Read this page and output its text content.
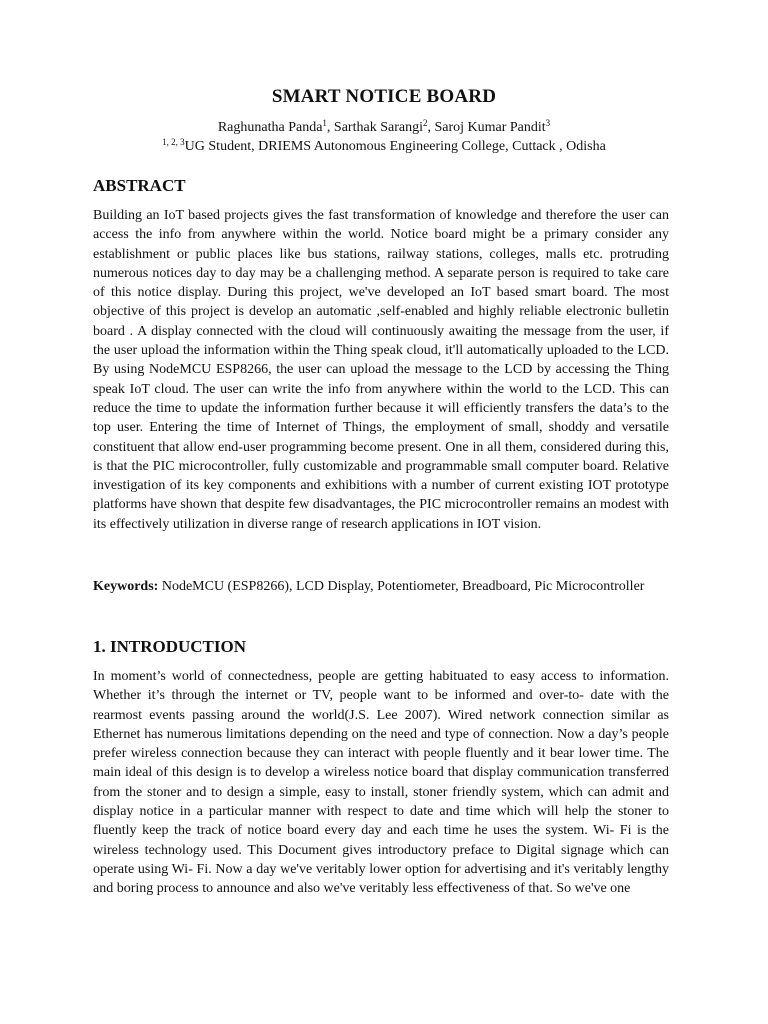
SMART NOTICE BOARD
Raghunatha Panda$^1$, Sarthak Sarangi$^2$, Saroj Kumar Pandit$^3$
$^{1, 2, 3}$UG Student, DRIEMS Autonomous Engineering College, Cuttack , Odisha
ABSTRACT
Building an IoT based projects gives the fast transformation of knowledge and therefore the user can access the info from anywhere within the world. Notice board might be a primary consider any establishment or public places like bus stations, railway stations, colleges, malls etc. protruding numerous notices day to day may be a challenging method. A separate person is required to take care of this notice display. During this project, we've developed an IoT based smart board. The most objective of this project is develop an automatic ,self-enabled and highly reliable electronic bulletin board . A display connected with the cloud will continuously awaiting the message from the user, if the user upload the information within the Thing speak cloud, it'll automatically uploaded to the LCD. By using NodeMCU ESP8266, the user can upload the message to the LCD by accessing the Thing speak IoT cloud. The user can write the info from anywhere within the world to the LCD. This can reduce the time to update the information further because it will efficiently transfers the data’s to the top user. Entering the time of Internet of Things, the employment of small, shoddy and versatile constituent that allow end-user programming become present. One in all them, considered during this, is that the PIC microcontroller, fully customizable and programmable small computer board. Relative investigation of its key components and exhibitions with a number of current existing IOT prototype platforms have shown that despite few disadvantages, the PIC microcontroller remains an modest with its effectively utilization in diverse range of research applications in IOT vision.
Keywords: NodeMCU (ESP8266), LCD Display, Potentiometer, Breadboard, Pic Microcontroller
1. INTRODUCTION
In moment’s world of connectedness, people are getting habituated to easy access to information. Whether it’s through the internet or TV, people want to be informed and over-to- date with the rearmost events passing around the world(J.S. Lee 2007). Wired network connection similar as Ethernet has numerous limitations depending on the need and type of connection. Now a day’s people prefer wireless connection because they can interact with people fluently and it bear lower time. The main ideal of this design is to develop a wireless notice board that display communication transferred from the stoner and to design a simple, easy to install, stoner friendly system, which can admit and display notice in a particular manner with respect to date and time which will help the stoner to fluently keep the track of notice board every day and each time he uses the system. Wi- Fi is the wireless technology used. This Document gives introductory preface to Digital signage which can operate using Wi- Fi. Now a day we've veritably lower option for advertising and it's veritably lengthy and boring process to announce and also we've veritably less effectiveness of that. So we've one
